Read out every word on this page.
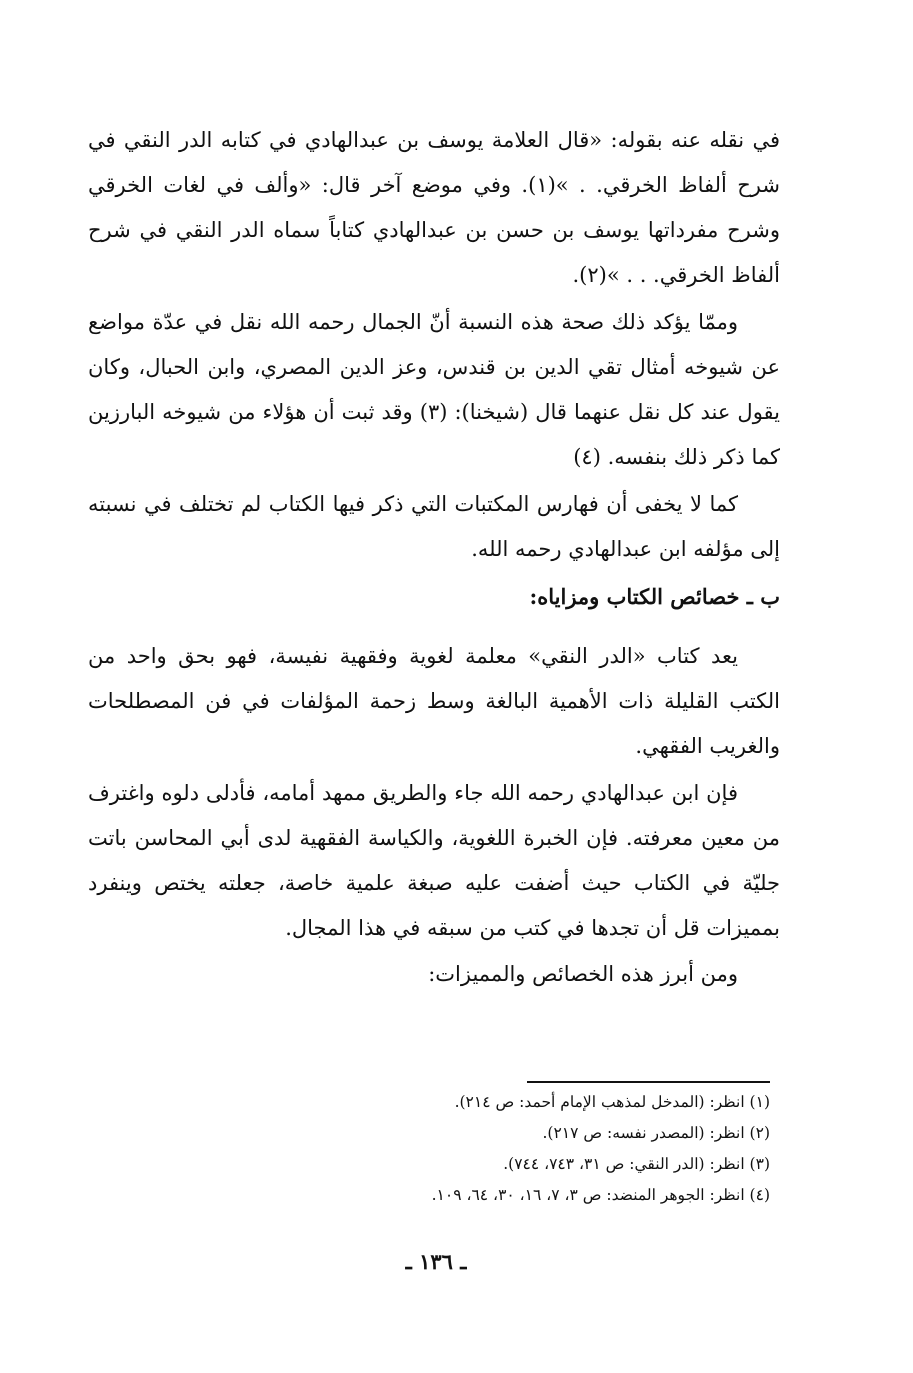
في نقله عنه بقوله: «قال العلامة يوسف بن عبدالهادي في كتابه الدر النقي في شرح ألفاظ الخرقي. . »(١). وفي موضع آخر قال: «وألف في لغات الخرقي وشرح مفرداتها يوسف بن حسن بن عبدالهادي كتاباً سماه الدر النقي في شرح ألفاظ الخرقي. . . »(٢).

وممّا يؤكد ذلك صحة هذه النسبة أنّ الجمال رحمه الله نقل في عدّة مواضع عن شيوخه أمثال تقي الدين بن قندس، وعز الدين المصري، وابن الحبال، وكان يقول عند كل نقل عنهما قال (شيخنا): (٣) وقد ثبت أن هؤلاء من شيوخه البارزين كما ذكر ذلك بنفسه. (٤)

كما لا يخفى أن فهارس المكتبات التي ذكر فيها الكتاب لم تختلف في نسبته إلى مؤلفه ابن عبدالهادي رحمه الله.

ب ـ خصائص الكتاب ومزاياه:

يعد كتاب «الدر النقي» معلمة لغوية وفقهية نفيسة، فهو بحق واحد من الكتب القليلة ذات الأهمية البالغة وسط زحمة المؤلفات في فن المصطلحات والغريب الفقهي.

فإن ابن عبدالهادي رحمه الله جاء والطريق ممهد أمامه، فأدلى دلوه واغترف من معين معرفته. فإن الخبرة اللغوية، والكياسة الفقهية لدى أبي المحاسن باتت جليّة في الكتاب حيث أضفت عليه صبغة علمية خاصة، جعلته يختص وينفرد بمميزات قل أن تجدها في كتب من سبقه في هذا المجال.

ومن أبرز هذه الخصائص والمميزات:

(١) انظر: (المدخل لمذهب الإمام أحمد: ص ٢١٤).
(٢) انظر: (المصدر نفسه: ص ٢١٧).
(٣) انظر: (الدر النقي: ص ٣١، ٧٤٣، ٧٤٤).
(٤) انظر: الجوهر المنضد: ص ٣، ٧، ١٦، ٣٠، ٦٤، ١٠٩.
ـ ١٣٦ ـ
